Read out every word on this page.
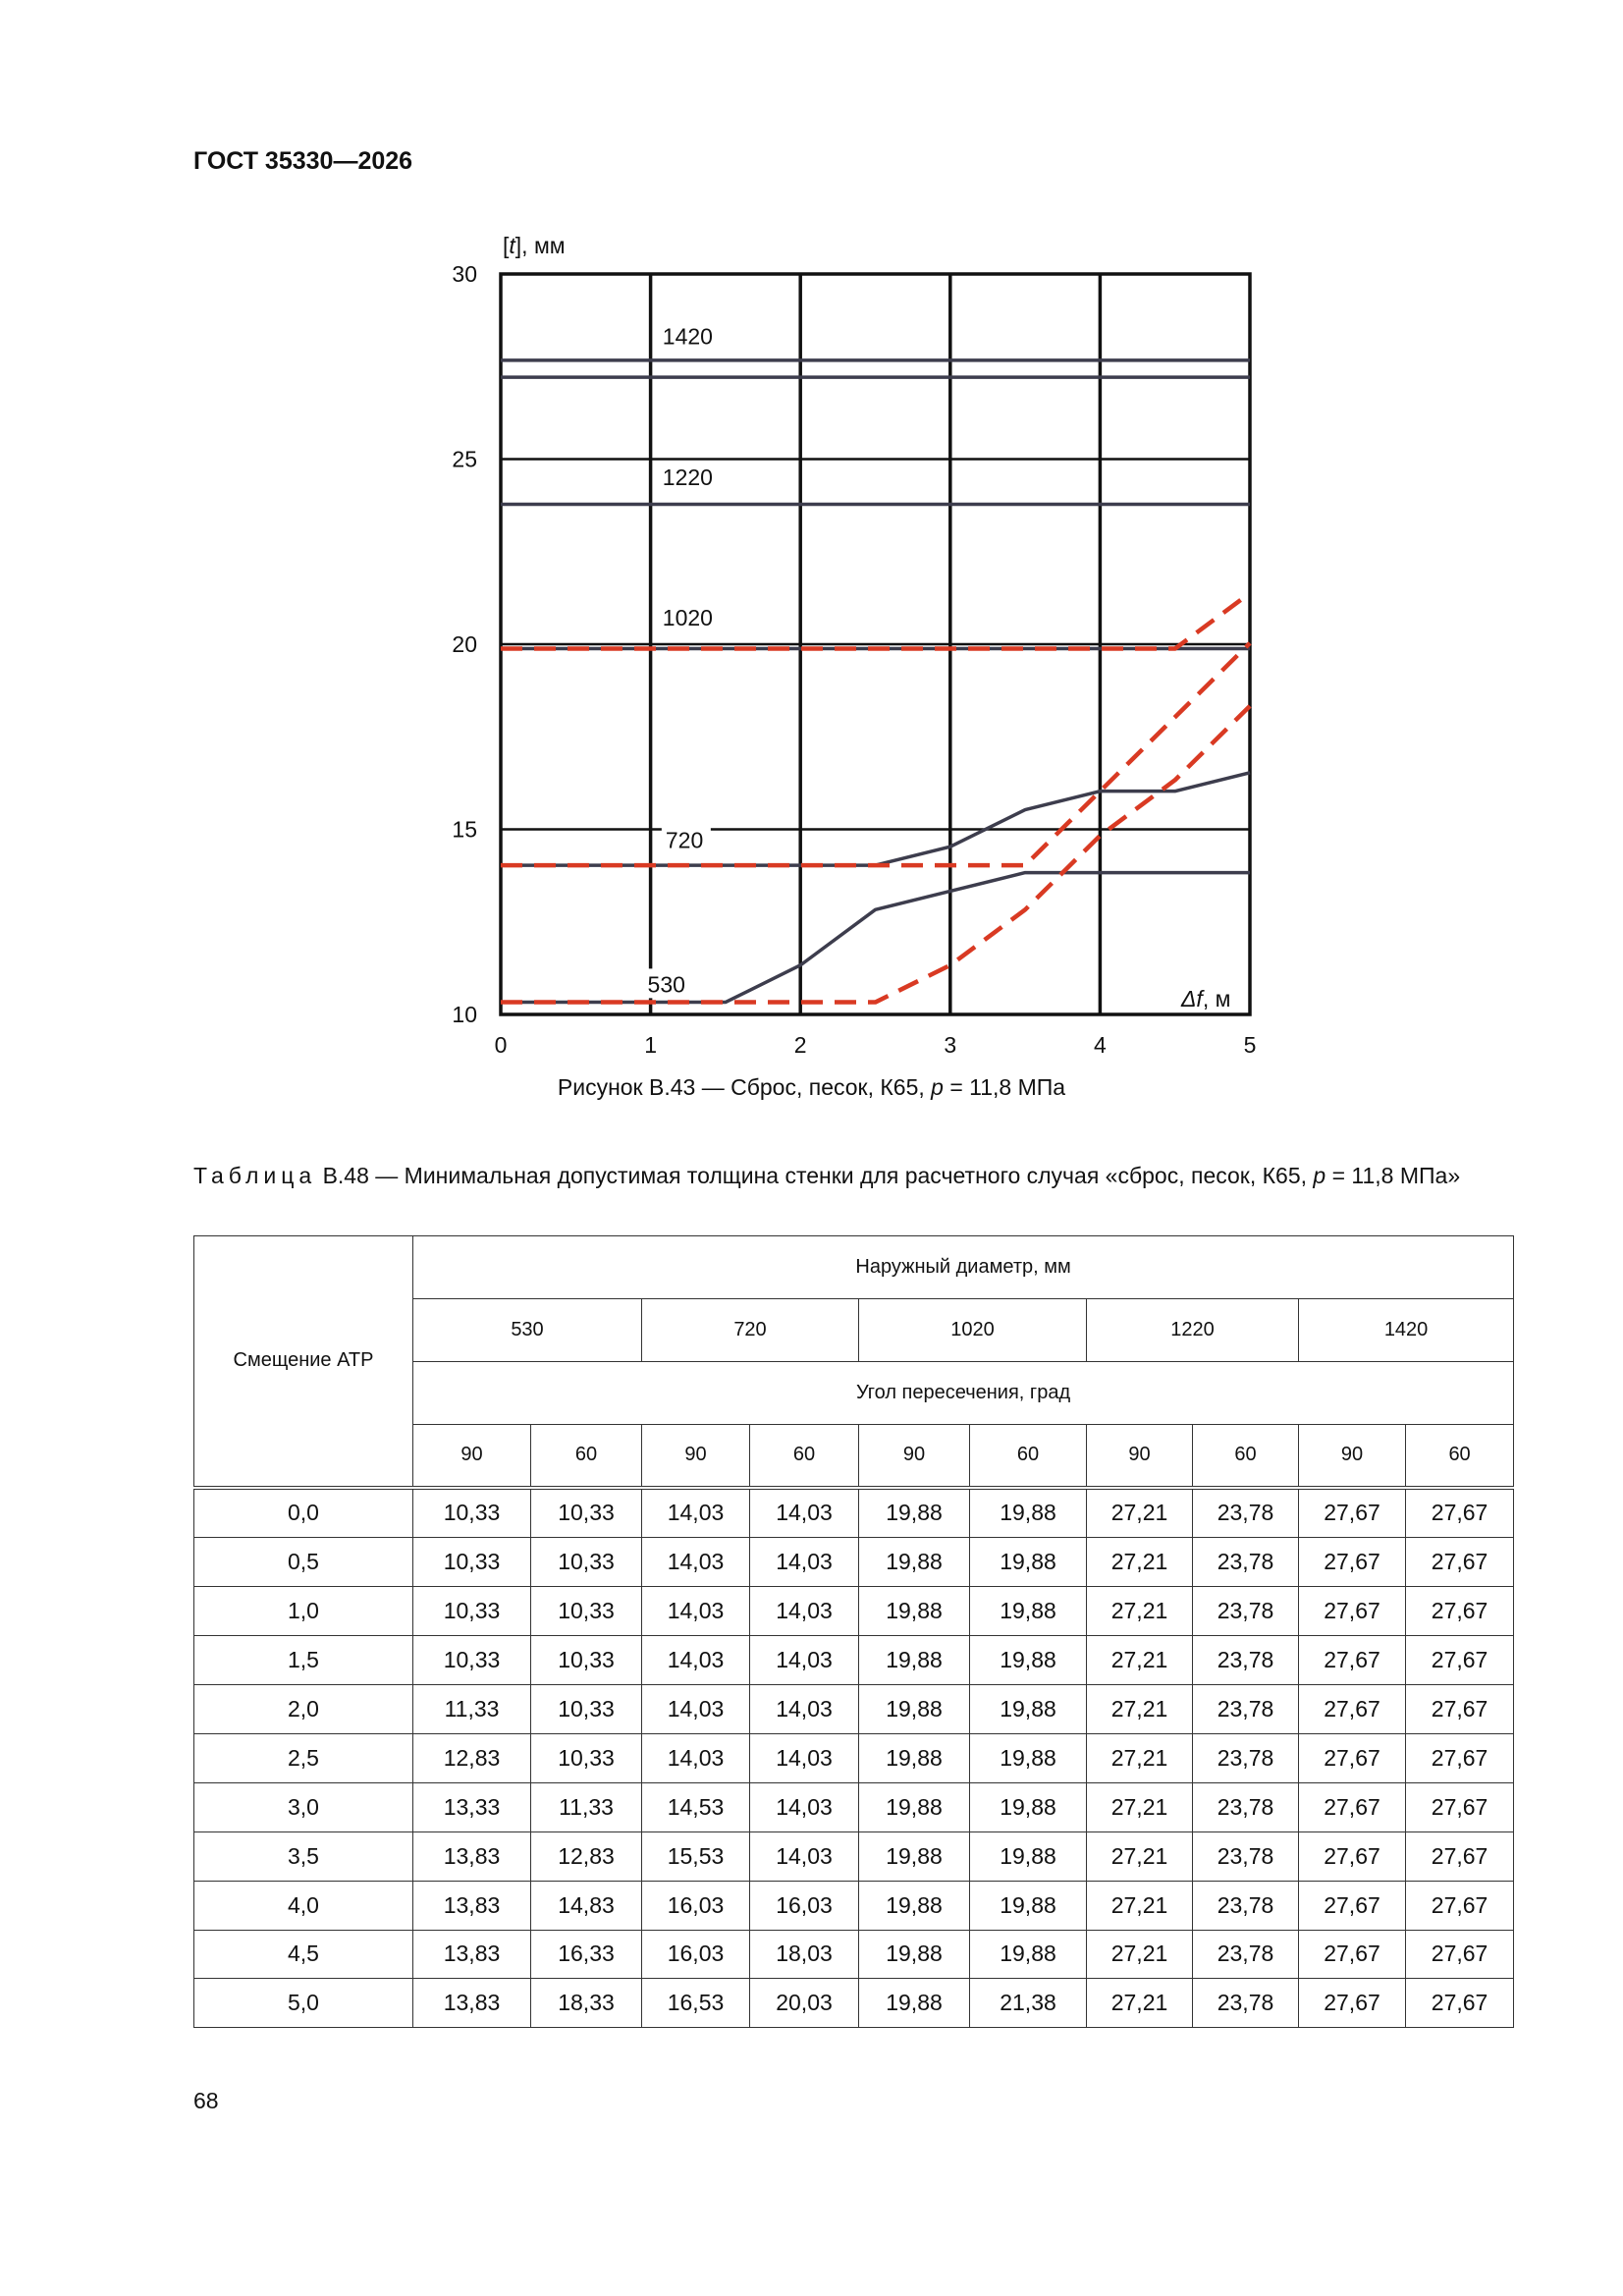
ГОСТ 35330—2026
10
15
20
25
30
0	1	2	3	4	5
1420
1220
1020
720
530
[t], мм
Δf, м
Рисунок В.43 — Сброс, песок, К65, p = 11,8 МПа
Таблица В.48 — Минимальная допустимая толщина стенки для расчетного случая «сброс, песок, К65, p = 11,8 МПа»
Смещение АТР	Наружный диаметр, мм									
	530		720		1020		1220		1420	
	Угол пересечения, град									
	90	60	90	60	90	60	90	60	90	60
0,0	10,33	10,33	14,03	14,03	19,88	19,88	27,21	23,78	27,67	27,67
0,5	10,33	10,33	14,03	14,03	19,88	19,88	27,21	23,78	27,67	27,67
1,0	10,33	10,33	14,03	14,03	19,88	19,88	27,21	23,78	27,67	27,67
1,5	10,33	10,33	14,03	14,03	19,88	19,88	27,21	23,78	27,67	27,67
2,0	11,33	10,33	14,03	14,03	19,88	19,88	27,21	23,78	27,67	27,67
2,5	12,83	10,33	14,03	14,03	19,88	19,88	27,21	23,78	27,67	27,67
3,0	13,33	11,33	14,53	14,03	19,88	19,88	27,21	23,78	27,67	27,67
3,5	13,83	12,83	15,53	14,03	19,88	19,88	27,21	23,78	27,67	27,67
4,0	13,83	14,83	16,03	16,03	19,88	19,88	27,21	23,78	27,67	27,67
4,5	13,83	16,33	16,03	18,03	19,88	19,88	27,21	23,78	27,67	27,67
5,0	13,83	18,33	16,53	20,03	19,88	21,38	27,21	23,78	27,67	27,67
68
